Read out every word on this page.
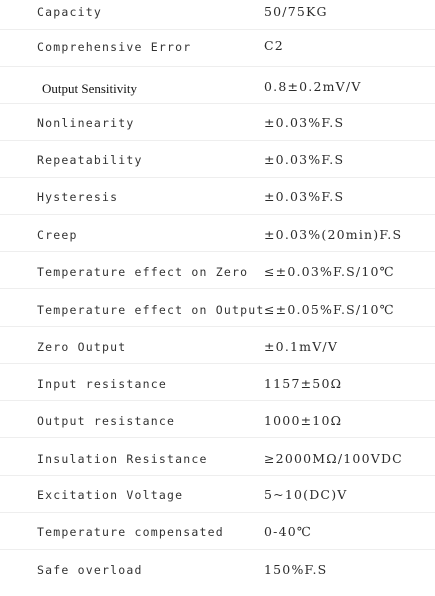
Capacity	50/75KG
Comprehensive Error	C2
Output Sensitivity	0.8±0.2mV/V
Nonlinearity	±0.03%F.S
Repeatability	±0.03%F.S
Hysteresis	±0.03%F.S
Creep	±0.03%(20min)F.S
Temperature effect on Zero ≤±0.03%F.S/10℃
Temperature effect on Output ≤±0.05%F.S/10℃
Zero Output	±0.1mV/V
Input resistance	1157±50Ω
Output resistance	1000±10Ω
Insulation Resistance	≥2000MΩ/100VDC
Excitation Voltage	5~10(DC)V
Temperature compensated	0-40℃
Safe overload	150%F.S
